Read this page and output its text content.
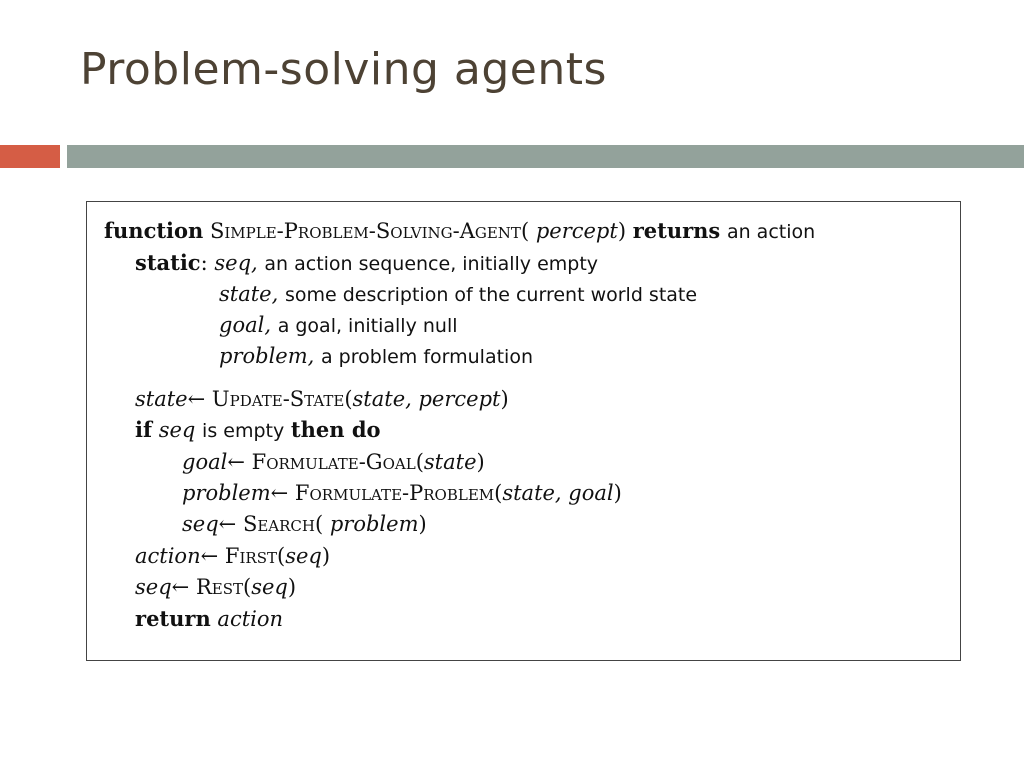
Problem-solving agents
function Simple-Problem-Solving-Agent( percept) returns an action
static: seq, an action sequence, initially empty
state, some description of the current world state
goal, a goal, initially null
problem, a problem formulation
state← Update-State(state, percept)
if seq is empty then do
goal← Formulate-Goal(state)
problem← Formulate-Problem(state, goal)
seq← Search( problem)
action← First(seq)
seq← Rest(seq)
return action
